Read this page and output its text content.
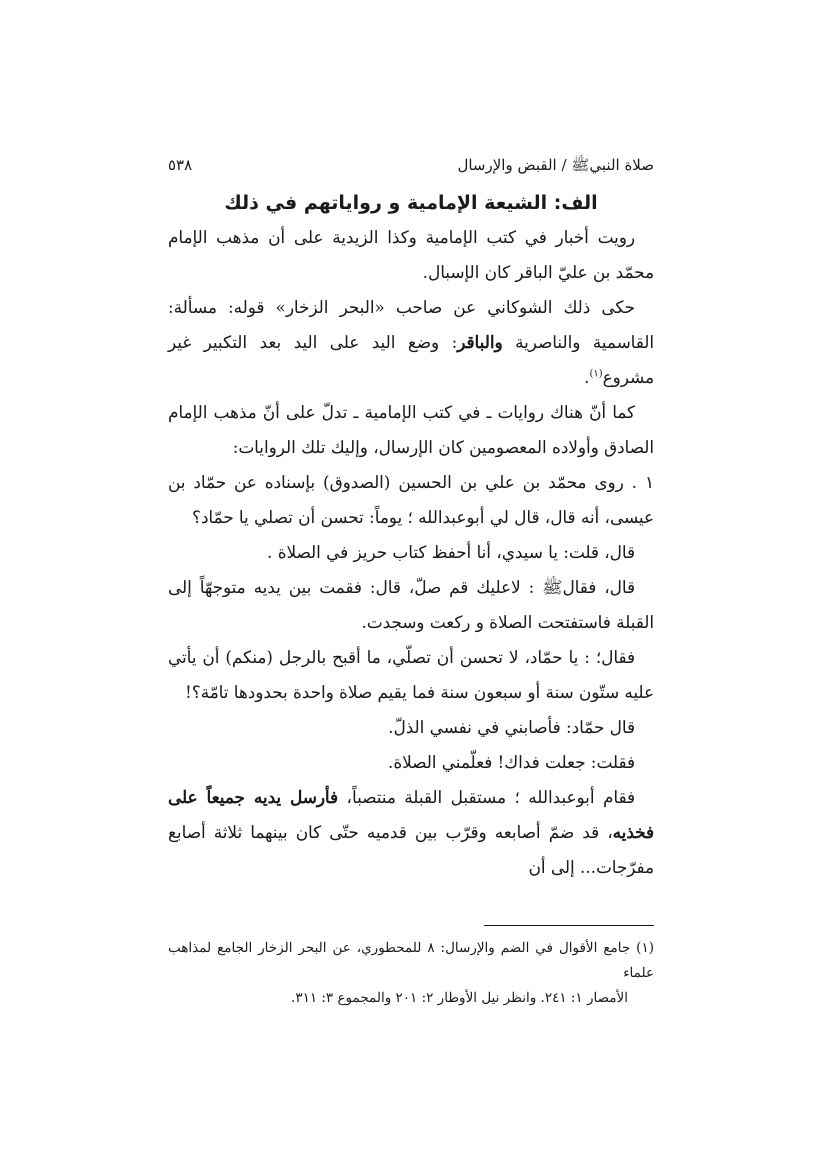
صلاة النبيﷺ / القبض والإرسال
٥٣٨
الف: الشيعة الإمامية و رواياتهم في ذلك

رويت أخبار في كتب الإمامية وكذا الزيدية على أن مذهب الإمام محمّد بن عليّ الباقر كان الإسبال.

حكى ذلك الشوكاني عن صاحب «البحر الزخار» قوله: مسألة: القاسمية والناصرية والباقر: وضع اليد على اليد بعد التكبير غير مشروع$^{(١)}$.

كما أنّ هناك روايات ـ في كتب الإمامية ـ تدلّ على أنّ مذهب الإمام الصادق وأولاده المعصومين كان الإرسال، وإليك تلك الروايات:

١ . روى محمّد بن علي بن الحسين (الصدوق) بإسناده عن حمّاد بن عيسى، أنه قال، قال لي أبوعبدالله ؛ يوماً: تحسن أن تصلي يا حمّاد؟

قال، قلت: يا سيدي، أنا أحفظ كتاب حريز في الصلاة .

قال، فقالﷺ : لاعليك قم صلّ، قال: فقمت بين يديه متوجهّاً إلى القبلة فاستفتحت الصلاة و ركعت وسجدت.

فقال؛ : يا حمّاد، لا تحسن أن تصلّي، ما أقبح بالرجل (منكم) أن يأتي عليه ستّون سنة أو سبعون سنة فما يقيم صلاة واحدة بحدودها تامّة؟!

قال حمّاد: فأصابني في نفسي الذلّ.

فقلت: جعلت فداك! فعلّمني الصلاة.

فقام أبوعبدالله ؛ مستقبل القبلة منتصباً، فأرسل يديه جميعاً على فخذيه، قد ضمّ أصابعه وقرّب بين قدميه حتّى كان بينهما ثلاثة أصابع مفرّجات... إلى أن

(١) جامع الأقوال في الضم والإرسال: ٨ للمحطوري، عن البحر الزخار الجامع لمذاهب علماء

الأمصار ١: ٢٤١. وانظر نيل الأوطار ٢: ٢٠١ والمجموع ٣: ٣١١.
